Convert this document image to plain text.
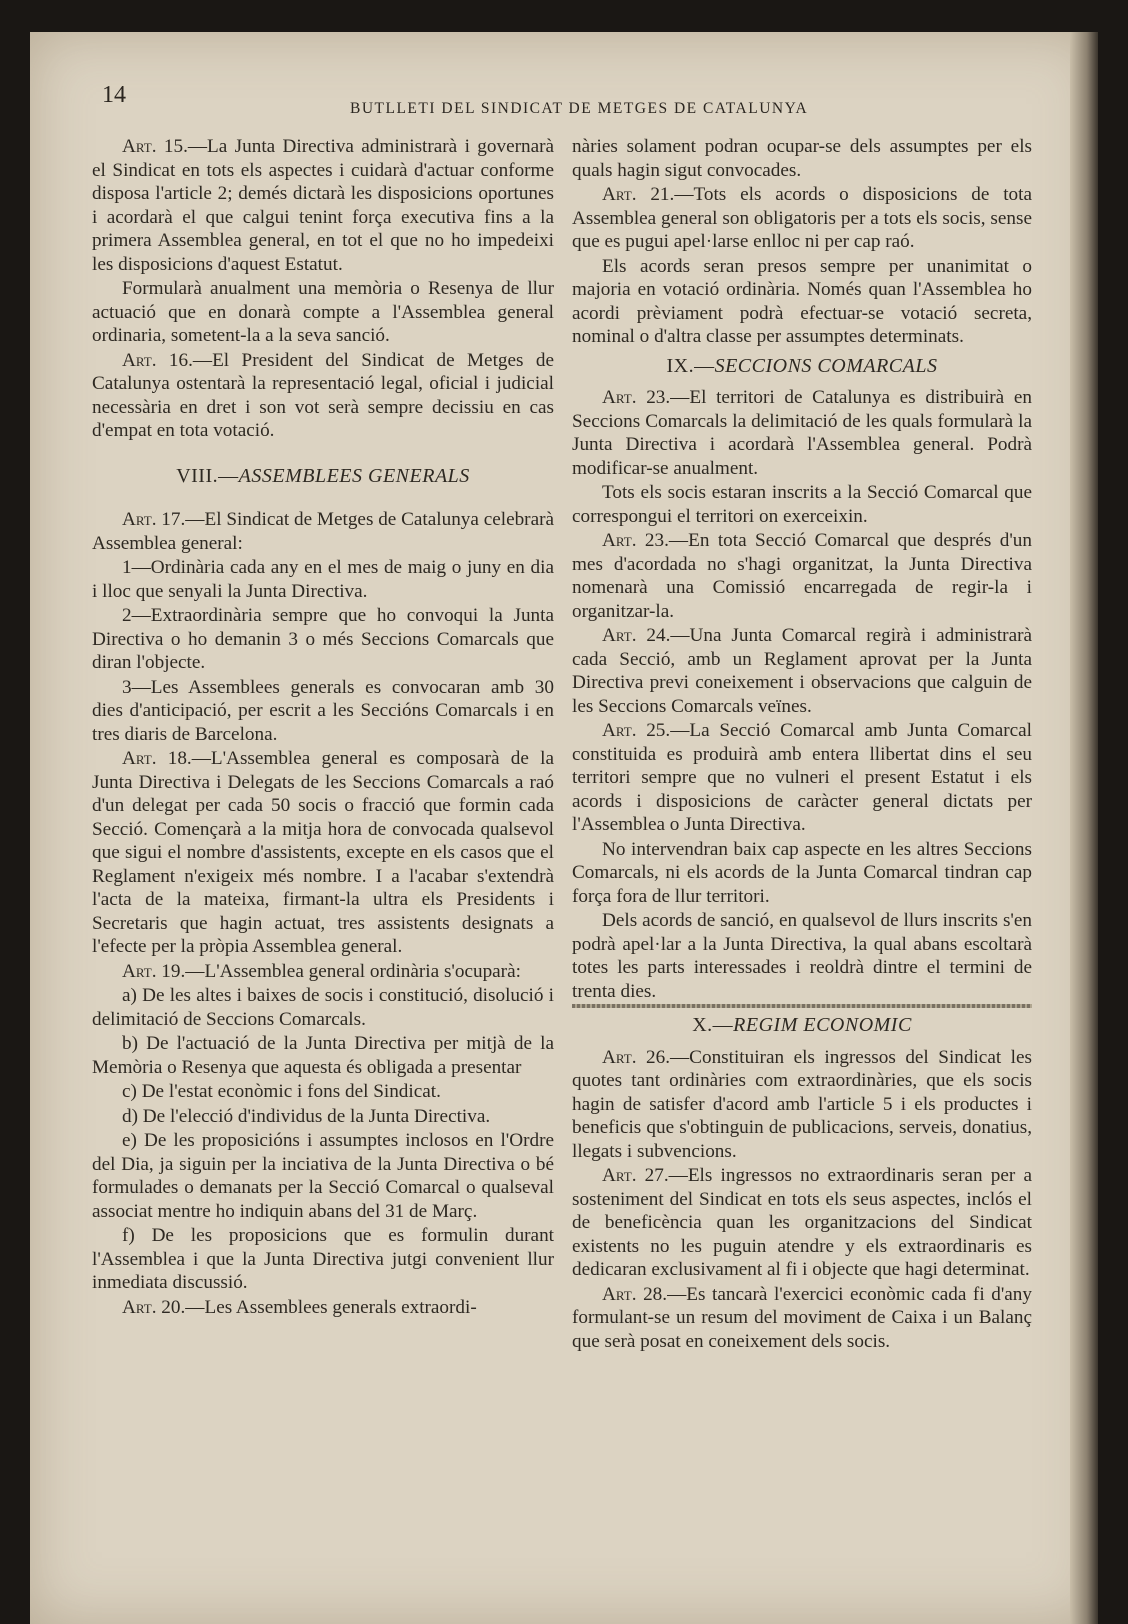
14

BUTLLETI DEL SINDICAT DE METGES DE CATALUNYA

Art. 15.—La Junta Directiva administrarà i governarà el Sindicat en tots els aspectes i cuidarà d'actuar conforme disposa l'article 2; demés dictarà les disposicions oportunes i acordarà el que calgui tenint força executiva fins a la primera Assemblea general, en tot el que no ho impedeixi les disposicions d'aquest Estatut.

Formularà anualment una memòria o Resenya de llur actuació que en donarà compte a l'Assemblea general ordinaria, sometent-la a la seva sanció.

Art. 16.—El President del Sindicat de Metges de Catalunya ostentarà la representació legal, oficial i judicial necessària en dret i son vot serà sempre decissiu en cas d'empat en tota votació.

VIII.—ASSEMBLEES GENERALS

Art. 17.—El Sindicat de Metges de Catalunya celebrarà Assemblea general:

1—Ordinària cada any en el mes de maig o juny en dia i lloc que senyali la Junta Directiva.

2—Extraordinària sempre que ho convoqui la Junta Directiva o ho demanin 3 o més Seccions Comarcals que diran l'objecte.

3—Les Assemblees generals es convocaran amb 30 dies d'anticipació, per escrit a les Seccións Comarcals i en tres diaris de Barcelona.

Art. 18.—L'Assemblea general es composarà de la Junta Directiva i Delegats de les Seccions Comarcals a raó d'un delegat per cada 50 socis o fracció que formin cada Secció. Començarà a la mitja hora de convocada qualsevol que sigui el nombre d'assistents, excepte en els casos que el Reglament n'exigeix més nombre. I a l'acabar s'extendrà l'acta de la mateixa, firmant-la ultra els Presidents i Secretaris que hagin actuat, tres assistents designats a l'efecte per la pròpia Assemblea general.

Art. 19.—L'Assemblea general ordinària s'ocuparà:

a) De les altes i baixes de socis i constitució, disolució i delimitació de Seccions Comarcals.

b) De l'actuació de la Junta Directiva per mitjà de la Memòria o Resenya que aquesta és obligada a presentar

c) De l'estat econòmic i fons del Sindicat.

d) De l'elecció d'individus de la Junta Directiva.

e) De les proposicións i assumptes inclosos en l'Ordre del Dia, ja siguin per la inciativa de la Junta Directiva o bé formulades o demanats per la Secció Comarcal o qualseval associat mentre ho indiquin abans del 31 de Març.

f) De les proposicions que es formulin durant l'Assemblea i que la Junta Directiva jutgi convenient llur inmediata discussió.

Art. 20.—Les Assemblees generals extraordi-

nàries solament podran ocupar-se dels assumptes per els quals hagin sigut convocades.

Art. 21.—Tots els acords o disposicions de tota Assemblea general son obligatoris per a tots els socis, sense que es pugui apel·larse enlloc ni per cap raó.

Els acords seran presos sempre per unanimitat o majoria en votació ordinària. Només quan l'Assemblea ho acordi prèviament podrà efectuar-se votació secreta, nominal o d'altra classe per assumptes determinats.

IX.—SECCIONS COMARCALS

Art. 23.—El territori de Catalunya es distribuirà en Seccions Comarcals la delimitació de les quals formularà la Junta Directiva i acordarà l'Assemblea general. Podrà modificar-se anualment.

Tots els socis estaran inscrits a la Secció Comarcal que correspongui el territori on exerceixin.

Art. 23.—En tota Secció Comarcal que després d'un mes d'acordada no s'hagi organitzat, la Junta Directiva nomenarà una Comissió encarregada de regir-la i organitzar-la.

Art. 24.—Una Junta Comarcal regirà i administrarà cada Secció, amb un Reglament aprovat per la Junta Directiva previ coneixement i observacions que calguin de les Seccions Comarcals veïnes.

Art. 25.—La Secció Comarcal amb Junta Comarcal constituida es produirà amb entera llibertat dins el seu territori sempre que no vulneri el present Estatut i els acords i disposicions de caràcter general dictats per l'Assemblea o Junta Directiva.

No intervendran baix cap aspecte en les altres Seccions Comarcals, ni els acords de la Junta Comarcal tindran cap força fora de llur territori.

Dels acords de sanció, en qualsevol de llurs inscrits s'en podrà apel·lar a la Junta Directiva, la qual abans escoltarà totes les parts interessades i reoldrà dintre el termini de trenta dies.

X.—REGIM ECONOMIC

Art. 26.—Constituiran els ingressos del Sindicat les quotes tant ordinàries com extraordinàries, que els socis hagin de satisfer d'acord amb l'article 5 i els productes i beneficis que s'obtinguin de publicacions, serveis, donatius, llegats i subvencions.

Art. 27.—Els ingressos no extraordinaris seran per a sosteniment del Sindicat en tots els seus aspectes, inclós el de beneficència quan les organitzacions del Sindicat existents no les puguin atendre y els extraordinaris es dedicaran exclusivament al fi i objecte que hagi determinat.

Art. 28.—Es tancarà l'exercici econòmic cada fi d'any formulant-se un resum del moviment de Caixa i un Balanç que serà posat en coneixement dels socis.
